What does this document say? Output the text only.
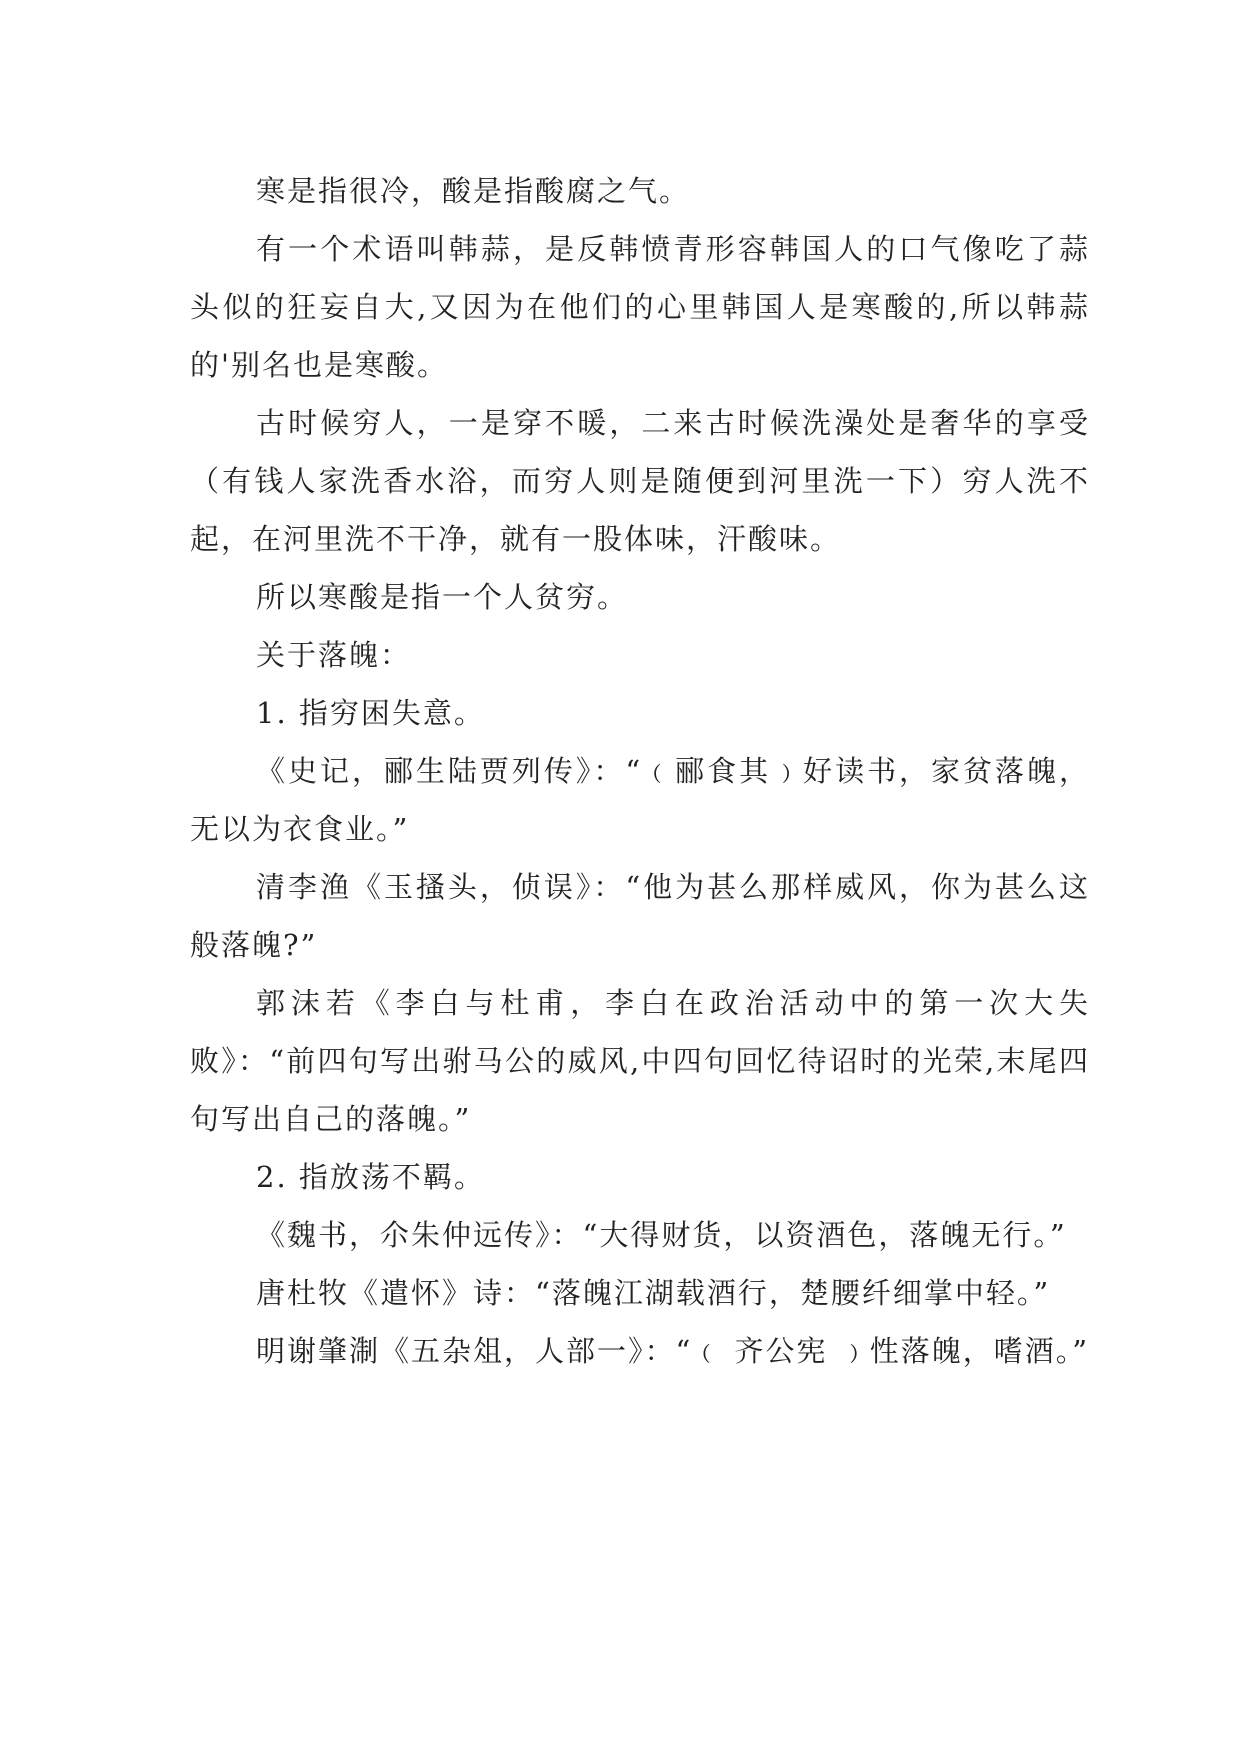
寒是指很冷，酸是指酸腐之气。

有一个术语叫韩蒜，是反韩愤青形容韩国人的口气像吃了蒜头似的狂妄自大,又因为在他们的心里韩国人是寒酸的,所以韩蒜的'别名也是寒酸。

古时候穷人，一是穿不暖，二来古时候洗澡处是奢华的享受（有钱人家洗香水浴，而穷人则是随便到河里洗一下）穷人洗不起，在河里洗不干净，就有一股体味，汗酸味。

所以寒酸是指一个人贫穷。

关于落魄：

1. 指穷困失意。

《史记，郦生陆贾列传》：“﹙郦食其﹚好读书，家贫落魄，无以为衣食业。”

清李渔《玉搔头，侦误》：“他为甚么那样威风，你为甚么这般落魄?”

郭沫若《李白与杜甫，李白在政治活动中的第一次大失败》：“前四句写出驸马公的威风,中四句回忆待诏时的光荣,末尾四句写出自己的落魄。”

2. 指放荡不羁。

《魏书，尒朱仲远传》：“大得财货，以资酒色，落魄无行。”

唐杜牧《遣怀》诗：“落魄江湖载酒行，楚腰纤细掌中轻。”

明谢肇淛《五杂俎，人部一》：“﹙ 齐公宪 ﹚性落魄，嗜酒。”
